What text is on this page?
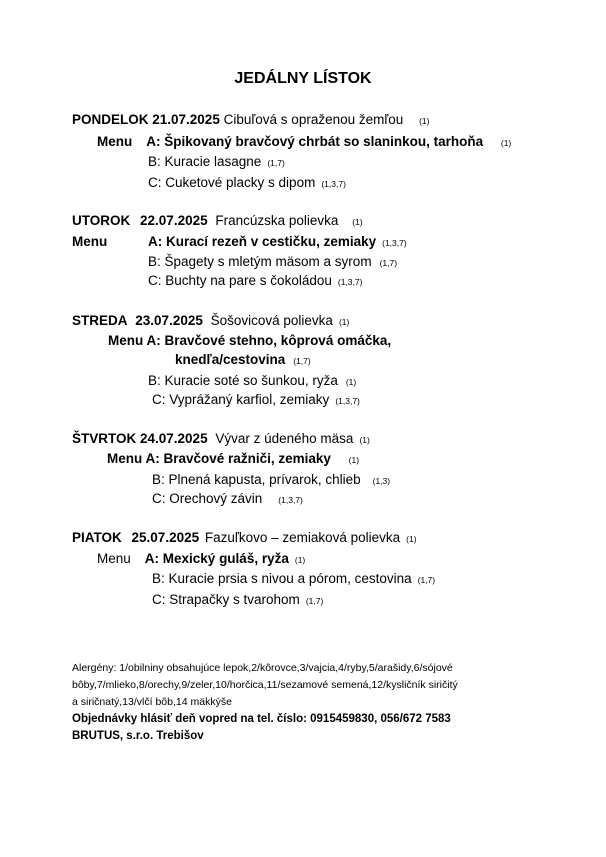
JEDÁLNY LÍSTOK
PONDELOK 21.07.2025 Cibuľová s opraženou žemľou (1)
Menu A: Špikovaný bravčový chrbát so slaninkou, tarhoňa (1)
B: Kuracie lasagne (1,7)
C: Cuketové placky s dipom (1,3,7)
UTOROK 22.07.2025 Francúzska polievka (1)
Menu	A: Kurací rezeň v cestičku, zemiaky (1,3,7)
B: Špagety s mletým mäsom a syrom (1,7)
C: Buchty na pare s čokoládou (1,3,7)
STREDA 23.07.2025 Šošovicová polievka (1)
Menu A: Bravčové stehno, kôprová omáčka,
knedľa/cestovina (1,7)
B: Kuracie soté so šunkou, ryža (1)
C: Vyprážaný karfiol, zemiaky (1,3,7)
ŠTVRTOK 24.07.2025 Vývar z údeného mäsa (1)
Menu A: Bravčové ražniči, zemiaky (1)
B: Plnená kapusta, prívarok, chlieb (1,3)
C: Orechový závin (1,3,7)
PIATOK 25.07.2025 Fazuľkovo – zemiaková polievka (1)
Menu A: Mexický guláš, ryža (1)
B: Kuracie prsia s nivou a pórom, cestovina (1,7)
C: Strapačky s tvarohom (1,7)
Alergény: 1/obilniny obsahujúce lepok,2/kôrovce,3/vajcia,4/ryby,5/arašidy,6/sójové
bôby,7/mlieko,8/orechy,9/zeler,10/horčica,11/sezamové semená,12/kysličník siričitý
a siričnatý,13/vlčí bôb,14 mäkkýše
Objednávky hlásiť deň vopred na tel. číslo: 0915459830, 056/672 7583
BRUTUS, s.r.o. Trebišov
